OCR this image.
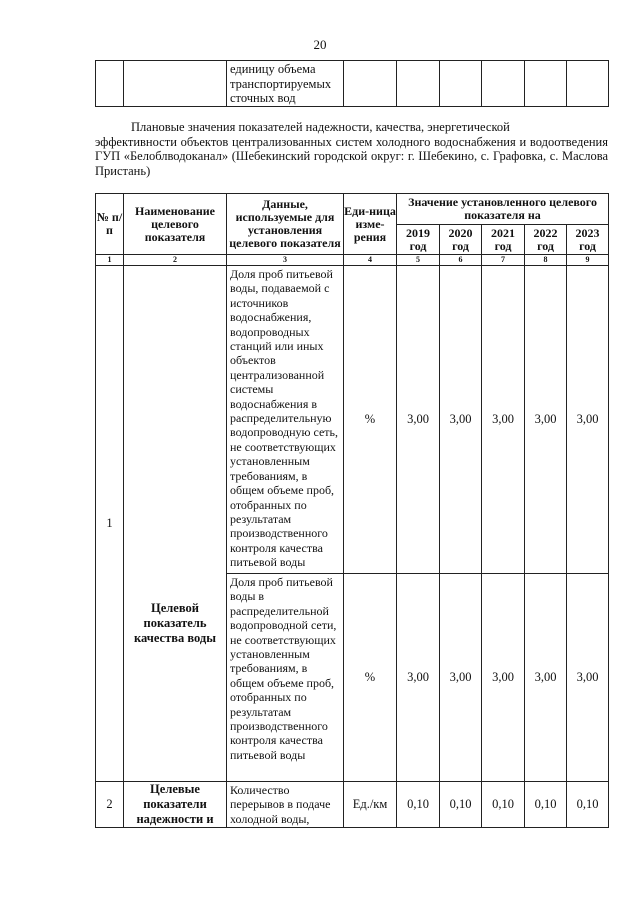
20
		единицу объема транспортируемых сточных вод						
Плановые значения показателей надежности, качества, энергетической
эффективности объектов централизованных систем холодного водоснабжения и водоотведения ГУП «Белоблводоканал» (Шебекинский городской округ: г. Шебекино, с. Графовка, с. Маслова Пристань)
№ п/п	Наименование целевого показателя	Данные, используемые для установления целевого показателя	Еди-ница изме-рения	Значение установленного целевого показателя на				
				2019 год	2020 год	2021 год	2022 год	2023 год
1	2	3	4	5	6	7	8	9
1	Целевой показатель качества воды	Доля проб питьевой воды, подаваемой с источников водоснабжения, водопроводных станций или иных объектов централизованной системы водоснабжения в распределительную водопроводную сеть, не соответствующих установленным требованиям, в общем объеме проб, отобранных по результатам производственного контроля качества питьевой воды	%	3,00	3,00	3,00	3,00	3,00
		Доля проб питьевой воды в распределительной водопроводной сети, не соответствующих установленным требованиям, в общем объеме проб, отобранных по результатам производственного контроля качества питьевой воды	%	3,00	3,00	3,00	3,00	3,00
2	Целевые показатели надежности и	Количество перерывов в подаче холодной воды,	Ед./км	0,10	0,10	0,10	0,10	0,10
